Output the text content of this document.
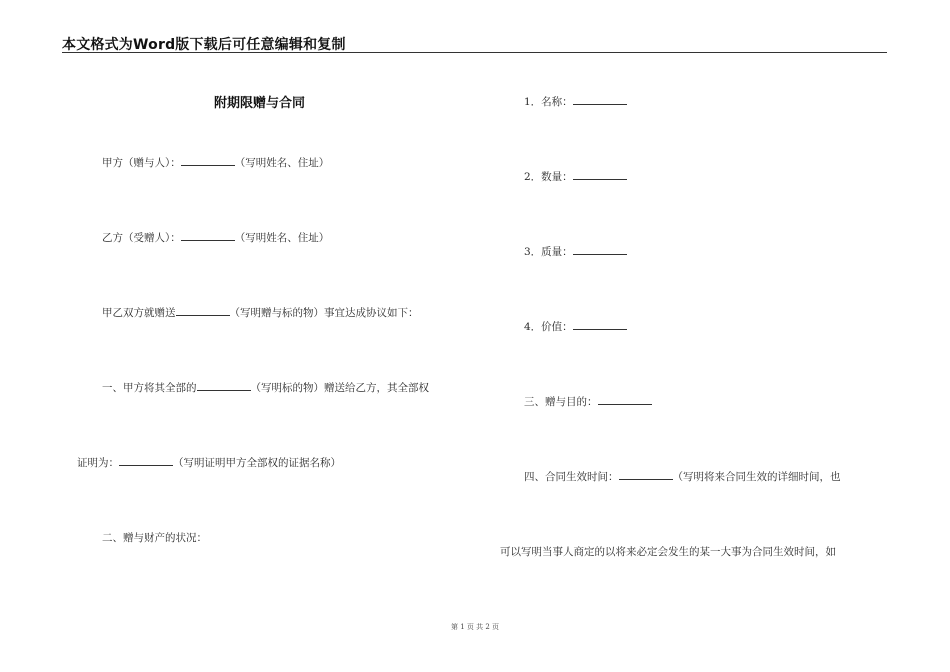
本文格式为Word版下载后可任意编辑和复制
附期限赠与合同
甲方（赠与人）：	（写明姓名、住址）
乙方（受赠人）：	（写明姓名、住址）
甲乙双方就赠送	（写明赠与标的物）事宜达成协议如下：
一、甲方将其全部的	（写明标的物）赠送给乙方，其全部权
证明为：	（写明证明甲方全部权的证据名称）
二、赠与财产的状况：
1．名称：
2．数量：
3．质量：
4．价值：
三、赠与目的：
四、合同生效时间：	（写明将来合同生效的详细时间，也
可以写明当事人商定的以将来必定会发生的某一大事为合同生效时间，如
第 1 页 共 2 页
